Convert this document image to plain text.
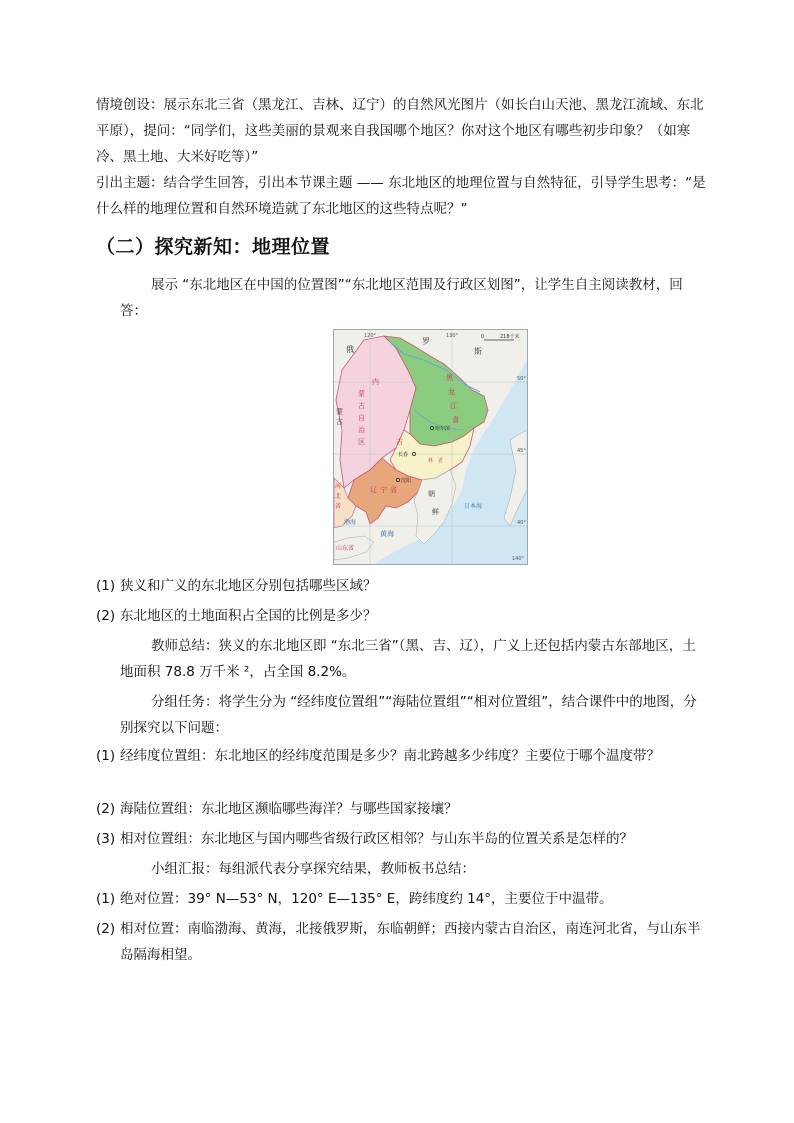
情境创设：展示东北三省（黑龙江、吉林、辽宁）的自然风光图片（如长白山天池、黑龙江流域、东北平原），提问：“同学们，这些美丽的景观来自我国哪个地区？你对这个地区有哪些初步印象？（如寒冷、黑土地、大米好吃等）”

引出主题：结合学生回答，引出本节课主题 —— 东北地区的地理位置与自然特征，引导学生思考：“是什么样的地理位置和自然环境造就了东北地区的这些特点呢？”

（二）探究新知：地理位置

展示 “东北地区在中国的位置图”“东北地区范围及行政区划图”，让学生自主阅读教材，回答：

120°	130°
140°
50°
45°
40°
0	218千米
俄
罗
斯
蒙
古
内
蒙
古
自
治
区
黑
龙
江
省
吉
林 省
辽 宁 省
河
北
省
朝
鲜
渤海
黄海
日本海
山东省
哈尔滨
长春
沈阳
(1) 狭义和广义的东北地区分别包括哪些区域？
(2) 东北地区的土地面积占全国的比例是多少？

教师总结：狭义的东北地区即 “东北三省”（黑、吉、辽），广义上还包括内蒙古东部地区，土地面积 78.8 万千米 ²，占全国 8.2%。

分组任务：将学生分为 “经纬度位置组”“海陆位置组”“相对位置组”，结合课件中的地图，分别探究以下问题：

(1) 经纬度位置组：东北地区的经纬度范围是多少？南北跨越多少纬度？主要位于哪个温度带？
(2) 海陆位置组：东北地区濒临哪些海洋？与哪些国家接壤？
(3) 相对位置组：东北地区与国内哪些省级行政区相邻？与山东半岛的位置关系是怎样的？

小组汇报：每组派代表分享探究结果，教师板书总结：

(1) 绝对位置：39° N—53° N，120° E—135° E，跨纬度约 14°，主要位于中温带。
(2) 相对位置：南临渤海、黄海，北接俄罗斯，东临朝鲜；西接内蒙古自治区，南连河北省，与山东半岛隔海相望。
